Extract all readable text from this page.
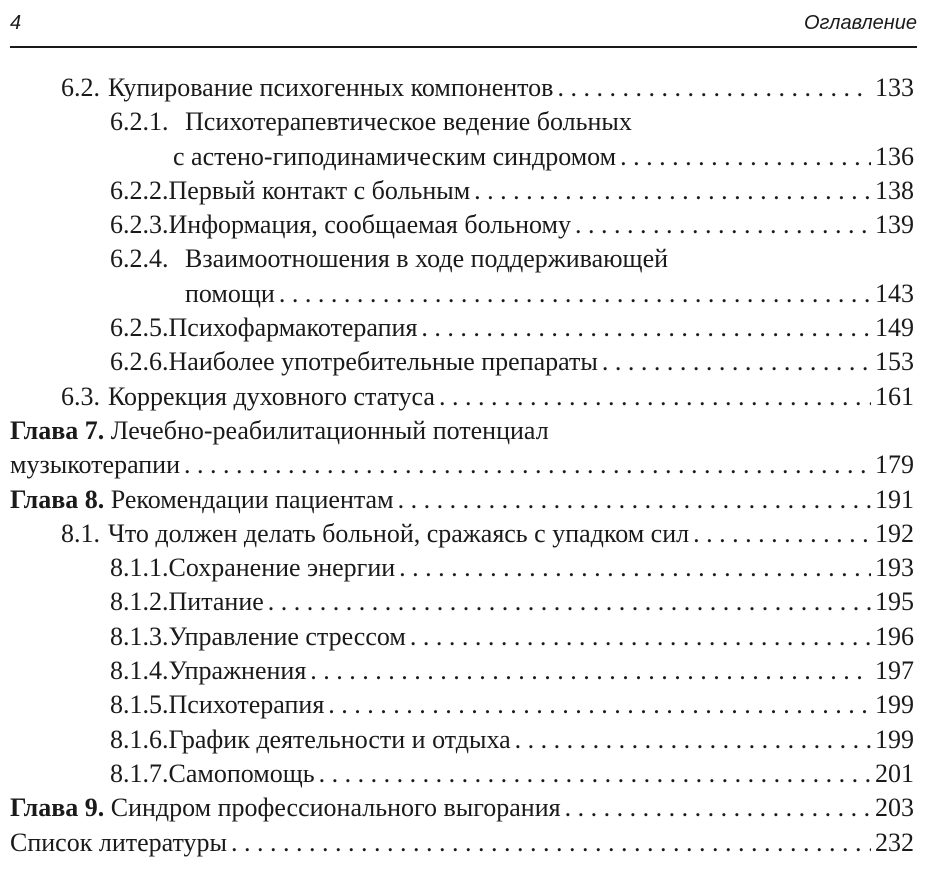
4	Оглавление
6.2. Купирование психогенных компонентов . . .	133
6.2.1. Психотерапевтическое ведение больных
с астено-гиподинамическим синдромом . . .	136
6.2.2. Первый контакт с больным . . .	138
6.2.3. Информация, сообщаемая больному . . .	139
6.2.4. Взаимоотношения в ходе поддерживающей
помощи . . .	143
6.2.5. Психофармакотерапия . . .	149
6.2.6. Наиболее употребительные препараты . . .	153
6.3. Коррекция духовного статуса . . .	161
Глава 7.
Лечебно-реабилитационный потенциал
музыкотерапии . . .	179
Глава 8.
Рекомендации пациентам . . .	191
8.1. Что должен делать больной, сражаясь с упадком сил . . .	192
8.1.1. Сохранение энергии . . .	193
8.1.2. Питание . . .	195
8.1.3. Управление стрессом . . .	196
8.1.4. Упражнения . . .	197
8.1.5. Психотерапия . . .	199
8.1.6. График деятельности и отдыха . . .	199
8.1.7. Самопомощь . . .	201
Глава 9.
Синдром профессионального выгорания . . .	203
Список литературы . . .	232
